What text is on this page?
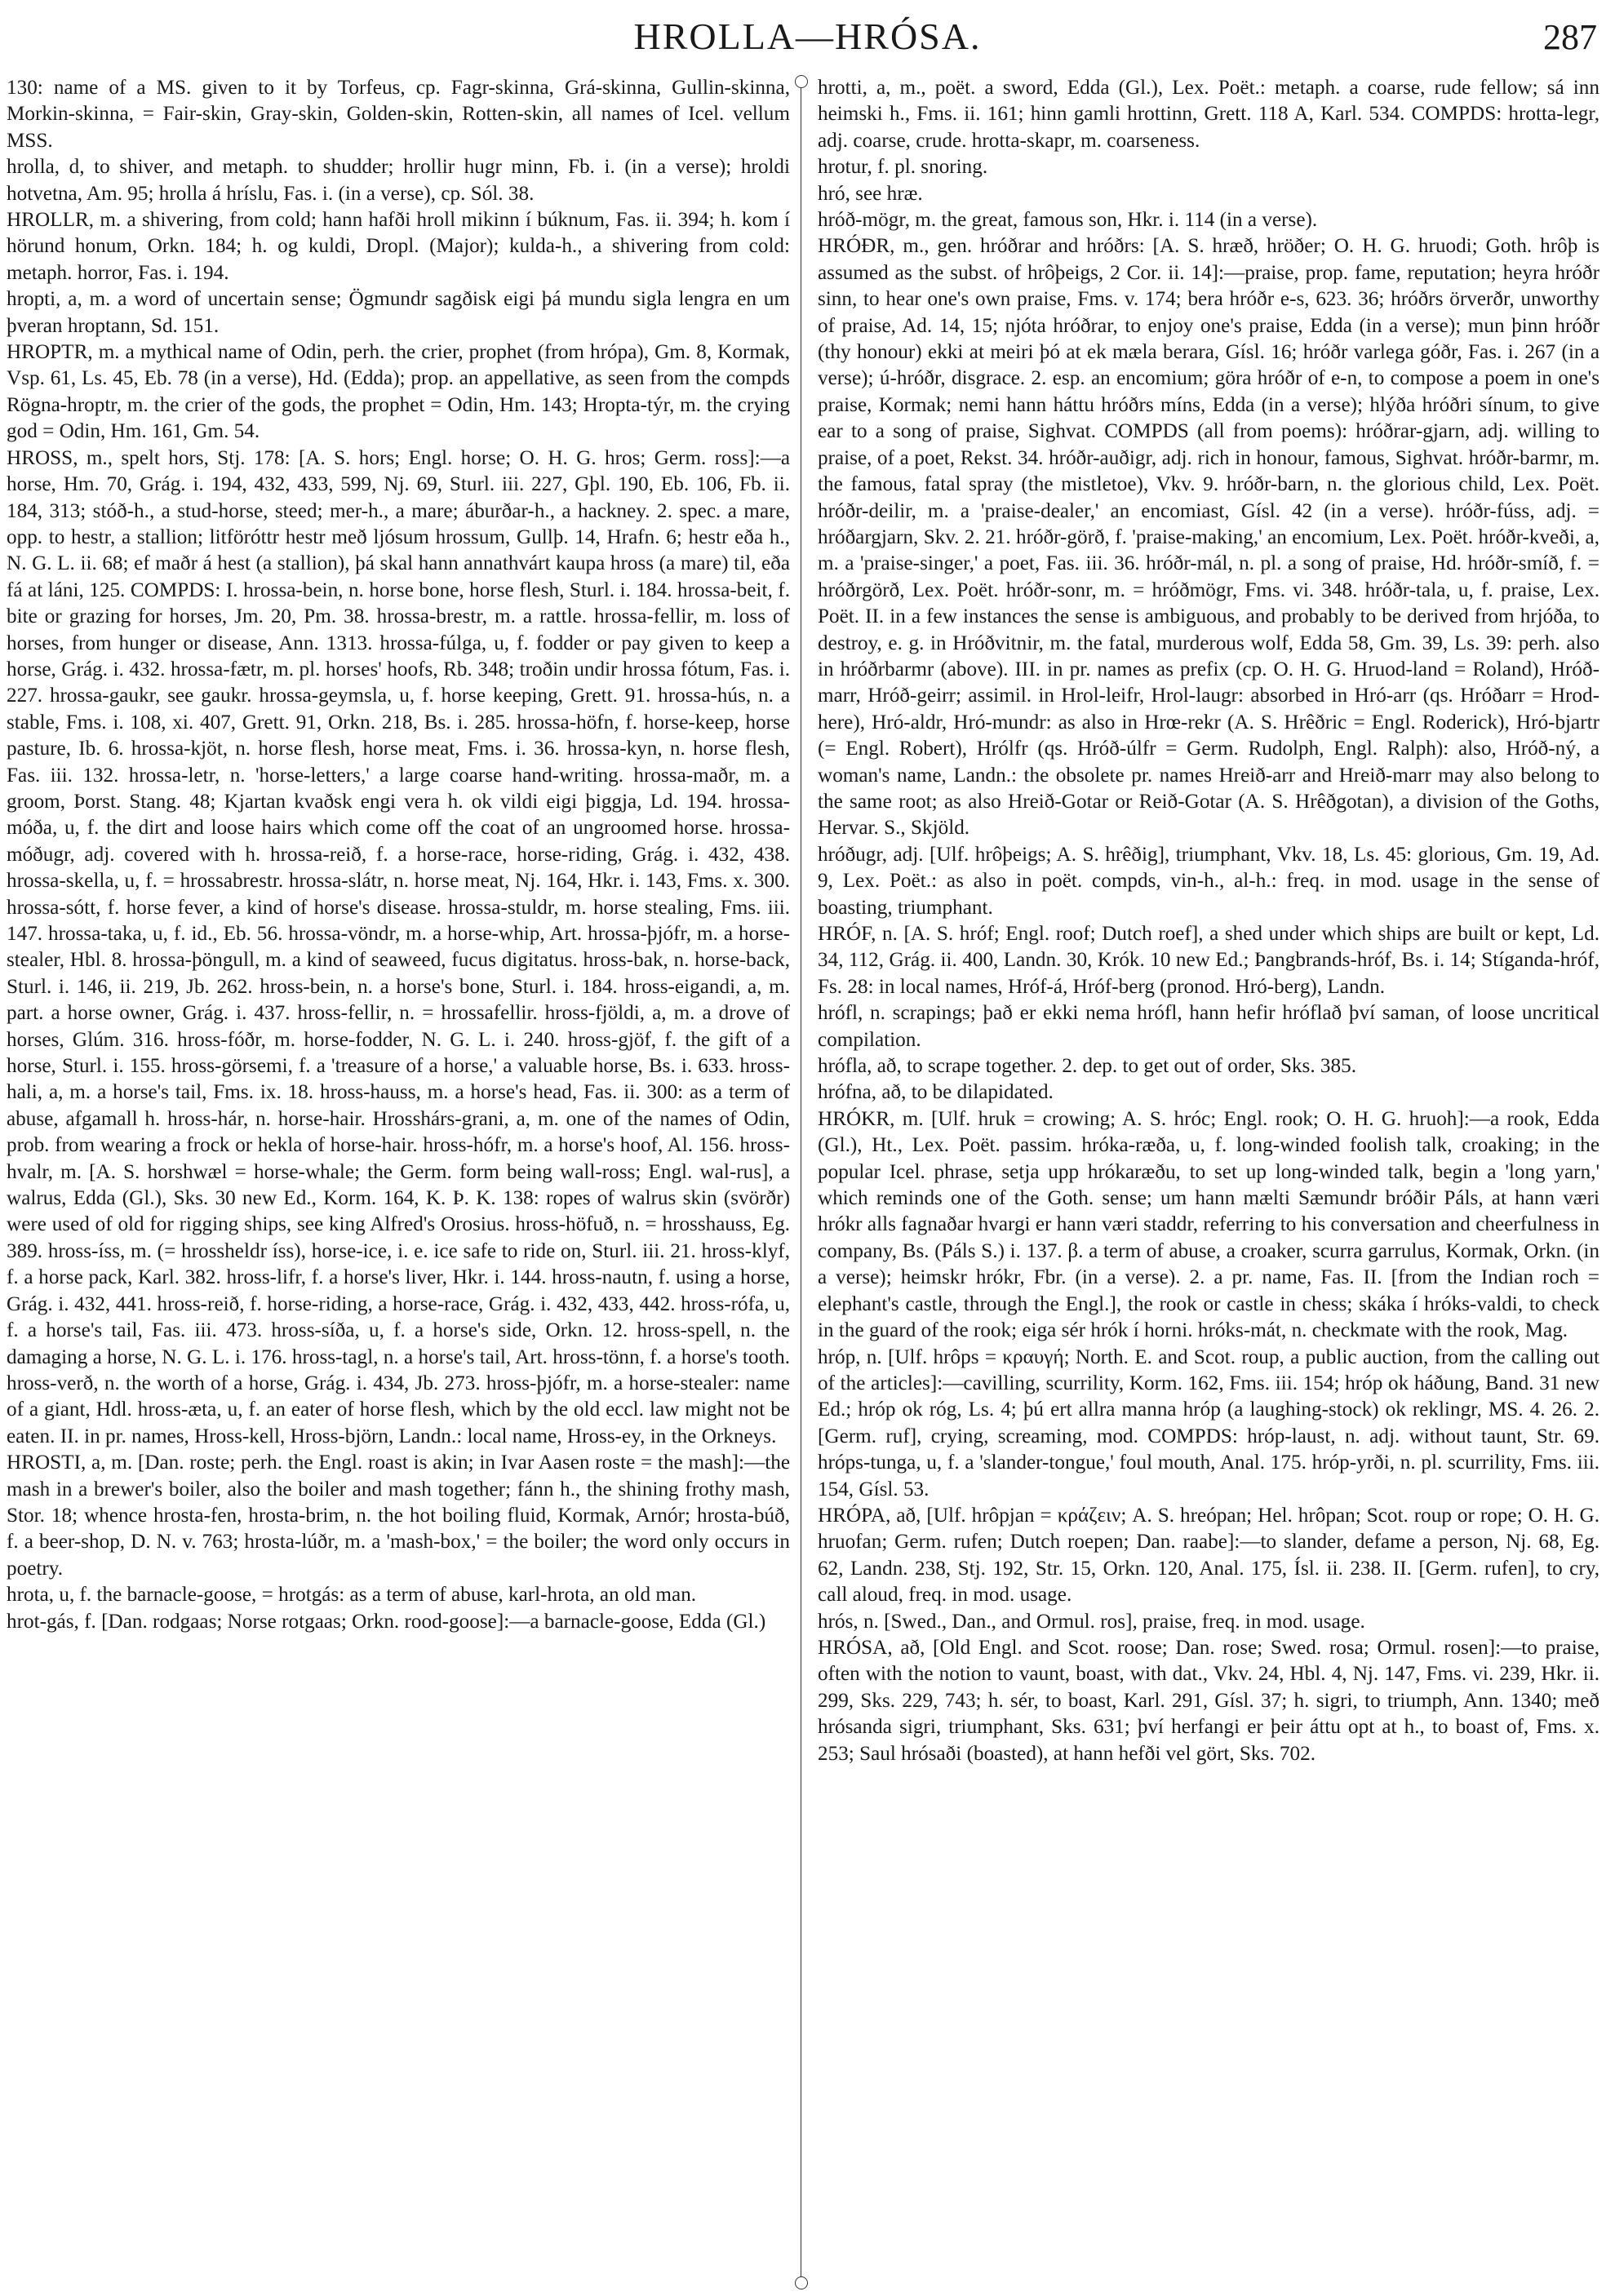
HROLLA—HRÓSA.	287

130: name of a MS. given to it by Torfeus, cp. Fagr-skinna, Grá-skinna, Gullin-skinna, Morkin-skinna, = Fair-skin, Gray-skin, Golden-skin, Rotten-skin, all names of Icel. vellum MSS.

hrolla, d, to shiver, and metaph. to shudder; hrollir hugr minn, Fb. i. (in a verse); hroldi hotvetna, Am. 95; hrolla á hríslu, Fas. i. (in a verse), cp. Sól. 38.

HROLLR, m. a shivering, from cold; hann hafði hroll mikinn í búknum, Fas. ii. 394; h. kom í hörund honum, Orkn. 184; h. og kuldi, Dropl. (Major); kulda-h., a shivering from cold: metaph. horror, Fas. i. 194.

hropti, a, m. a word of uncertain sense; Ögmundr sagðisk eigi þá mundu sigla lengra en um þveran hroptann, Sd. 151.

HROPTR, m. a mythical name of Odin, perh. the crier, prophet (from hrópa), Gm. 8, Kormak, Vsp. 61, Ls. 45, Eb. 78 (in a verse), Hd. (Edda); prop. an appellative, as seen from the compds Rögna-hroptr, m. the crier of the gods, the prophet = Odin, Hm. 143; Hropta-týr, m. the crying god = Odin, Hm. 161, Gm. 54.

HROSS, m., spelt hors, Stj. 178: [A. S. hors; Engl. horse; O. H. G. hros; Germ. ross]:—a horse, Hm. 70, Grág. i. 194, 432, 433, 599, Nj. 69, Sturl. iii. 227, Gþl. 190, Eb. 106, Fb. ii. 184, 313; stóð-h., a stud-horse, steed; mer-h., a mare; áburðar-h., a hackney. 2. spec. a mare, opp. to hestr, a stallion; litföróttr hestr með ljósum hrossum, Gullþ. 14, Hrafn. 6; hestr eða h., N. G. L. ii. 68; ef maðr á hest (a stallion), þá skal hann annathvárt kaupa hross (a mare) til, eða fá at láni, 125. COMPDS: I. hrossa-bein, n. horse bone, horse flesh, Sturl. i. 184. hrossa-beit, f. bite or grazing for horses, Jm. 20, Pm. 38. hrossa-brestr, m. a rattle. hrossa-fellir, m. loss of horses, from hunger or disease, Ann. 1313. hrossa-fúlga, u, f. fodder or pay given to keep a horse, Grág. i. 432. hrossa-fætr, m. pl. horses' hoofs, Rb. 348; troðin undir hrossa fótum, Fas. i. 227. hrossa-gaukr, see gaukr. hrossa-geymsla, u, f. horse keeping, Grett. 91. hrossa-hús, n. a stable, Fms. i. 108, xi. 407, Grett. 91, Orkn. 218, Bs. i. 285. hrossa-höfn, f. horse-keep, horse pasture, Ib. 6. hrossa-kjöt, n. horse flesh, horse meat, Fms. i. 36. hrossa-kyn, n. horse flesh, Fas. iii. 132. hrossa-letr, n. 'horse-letters,' a large coarse hand-writing. hrossa-maðr, m. a groom, Þorst. Stang. 48; Kjartan kvaðsk engi vera h. ok vildi eigi þiggja, Ld. 194. hrossa-móða, u, f. the dirt and loose hairs which come off the coat of an ungroomed horse. hrossa-móðugr, adj. covered with h. hrossa-reið, f. a horse-race, horse-riding, Grág. i. 432, 438. hrossa-skella, u, f. = hrossabrestr. hrossa-slátr, n. horse meat, Nj. 164, Hkr. i. 143, Fms. x. 300. hrossa-sótt, f. horse fever, a kind of horse's disease. hrossa-stuldr, m. horse stealing, Fms. iii. 147. hrossa-taka, u, f. id., Eb. 56. hrossa-vöndr, m. a horse-whip, Art. hrossa-þjófr, m. a horse-stealer, Hbl. 8. hrossa-þöngull, m. a kind of seaweed, fucus digitatus. hross-bak, n. horse-back, Sturl. i. 146, ii. 219, Jb. 262. hross-bein, n. a horse's bone, Sturl. i. 184. hross-eigandi, a, m. part. a horse owner, Grág. i. 437. hross-fellir, n. = hrossafellir. hross-fjöldi, a, m. a drove of horses, Glúm. 316. hross-fóðr, m. horse-fodder, N. G. L. i. 240. hross-gjöf, f. the gift of a horse, Sturl. i. 155. hross-görsemi, f. a 'treasure of a horse,' a valuable horse, Bs. i. 633. hross-hali, a, m. a horse's tail, Fms. ix. 18. hross-hauss, m. a horse's head, Fas. ii. 300: as a term of abuse, afgamall h. hross-hár, n. horse-hair. Hrosshárs-grani, a, m. one of the names of Odin, prob. from wearing a frock or hekla of horse-hair. hross-hófr, m. a horse's hoof, Al. 156. hross-hvalr, m. [A. S. horshwæl = horse-whale; the Germ. form being wall-ross; Engl. wal-rus], a walrus, Edda (Gl.), Sks. 30 new Ed., Korm. 164, K. Þ. K. 138: ropes of walrus skin (svörðr) were used of old for rigging ships, see king Alfred's Orosius. hross-höfuð, n. = hrosshauss, Eg. 389. hross-íss, m. (= hrossheldr íss), horse-ice, i. e. ice safe to ride on, Sturl. iii. 21. hross-klyf, f. a horse pack, Karl. 382. hross-lifr, f. a horse's liver, Hkr. i. 144. hross-nautn, f. using a horse, Grág. i. 432, 441. hross-reið, f. horse-riding, a horse-race, Grág. i. 432, 433, 442. hross-rófa, u, f. a horse's tail, Fas. iii. 473. hross-síða, u, f. a horse's side, Orkn. 12. hross-spell, n. the damaging a horse, N. G. L. i. 176. hross-tagl, n. a horse's tail, Art. hross-tönn, f. a horse's tooth. hross-verð, n. the worth of a horse, Grág. i. 434, Jb. 273. hross-þjófr, m. a horse-stealer: name of a giant, Hdl. hross-æta, u, f. an eater of horse flesh, which by the old eccl. law might not be eaten. II. in pr. names, Hross-kell, Hross-björn, Landn.: local name, Hross-ey, in the Orkneys.

HROSTI, a, m. [Dan. roste; perh. the Engl. roast is akin; in Ivar Aasen roste = the mash]:—the mash in a brewer's boiler, also the boiler and mash together; fánn h., the shining frothy mash, Stor. 18; whence hrosta-fen, hrosta-brim, n. the hot boiling fluid, Kormak, Arnór; hrosta-búð, f. a beer-shop, D. N. v. 763; hrosta-lúðr, m. a 'mash-box,' = the boiler; the word only occurs in poetry.

hrota, u, f. the barnacle-goose, = hrotgás: as a term of abuse, karl-hrota, an old man.

hrot-gás, f. [Dan. rodgaas; Norse rotgaas; Orkn. rood-goose]:—a barnacle-goose, Edda (Gl.)

hrotti, a, m., poët. a sword, Edda (Gl.), Lex. Poët.: metaph. a coarse, rude fellow; sá inn heimski h., Fms. ii. 161; hinn gamli hrottinn, Grett. 118 A, Karl. 534. COMPDS: hrotta-legr, adj. coarse, crude. hrotta-skapr, m. coarseness.

hrotur, f. pl. snoring.

hró, see hræ.

hróð-mögr, m. the great, famous son, Hkr. i. 114 (in a verse).

HRÓÐR, m., gen. hróðrar and hróðrs: [A. S. hræð, hröðer; O. H. G. hruodi; Goth. hrôþ is assumed as the subst. of hrôþeigs, 2 Cor. ii. 14]:—praise, prop. fame, reputation; heyra hróðr sinn, to hear one's own praise, Fms. v. 174; bera hróðr e-s, 623. 36; hróðrs örverðr, unworthy of praise, Ad. 14, 15; njóta hróðrar, to enjoy one's praise, Edda (in a verse); mun þinn hróðr (thy honour) ekki at meiri þó at ek mæla berara, Gísl. 16; hróðr varlega góðr, Fas. i. 267 (in a verse); ú-hróðr, disgrace. 2. esp. an encomium; göra hróðr of e-n, to compose a poem in one's praise, Kormak; nemi hann háttu hróðrs míns, Edda (in a verse); hlýða hróðri sínum, to give ear to a song of praise, Sighvat. COMPDS (all from poems): hróðrar-gjarn, adj. willing to praise, of a poet, Rekst. 34. hróðr-auðigr, adj. rich in honour, famous, Sighvat. hróðr-barmr, m. the famous, fatal spray (the mistletoe), Vkv. 9. hróðr-barn, n. the glorious child, Lex. Poët. hróðr-deilir, m. a 'praise-dealer,' an encomiast, Gísl. 42 (in a verse). hróðr-fúss, adj. = hróðargjarn, Skv. 2. 21. hróðr-görð, f. 'praise-making,' an encomium, Lex. Poët. hróðr-kveði, a, m. a 'praise-singer,' a poet, Fas. iii. 36. hróðr-mál, n. pl. a song of praise, Hd. hróðr-smíð, f. = hróðrgörð, Lex. Poët. hróðr-sonr, m. = hróðmögr, Fms. vi. 348. hróðr-tala, u, f. praise, Lex. Poët. II. in a few instances the sense is ambiguous, and probably to be derived from hrjóða, to destroy, e. g. in Hróðvitnir, m. the fatal, murderous wolf, Edda 58, Gm. 39, Ls. 39: perh. also in hróðrbarmr (above). III. in pr. names as prefix (cp. O. H. G. Hruod-land = Roland), Hróð-marr, Hróð-geirr; assimil. in Hrol-leifr, Hrol-laugr: absorbed in Hró-arr (qs. Hróðarr = Hrod-here), Hró-aldr, Hró-mundr: as also in Hrœ-rekr (A. S. Hrêðric = Engl. Roderick), Hró-bjartr (= Engl. Robert), Hrólfr (qs. Hróð-úlfr = Germ. Rudolph, Engl. Ralph): also, Hróð-ný, a woman's name, Landn.: the obsolete pr. names Hreið-arr and Hreið-marr may also belong to the same root; as also Hreið-Gotar or Reið-Gotar (A. S. Hrêðgotan), a division of the Goths, Hervar. S., Skjöld.

hróðugr, adj. [Ulf. hrôþeigs; A. S. hrêðig], triumphant, Vkv. 18, Ls. 45: glorious, Gm. 19, Ad. 9, Lex. Poët.: as also in poët. compds, vin-h., al-h.: freq. in mod. usage in the sense of boasting, triumphant.

HRÓF, n. [A. S. hróf; Engl. roof; Dutch roef], a shed under which ships are built or kept, Ld. 34, 112, Grág. ii. 400, Landn. 30, Krók. 10 new Ed.; Þangbrands-hróf, Bs. i. 14; Stíganda-hróf, Fs. 28: in local names, Hróf-á, Hróf-berg (pronod. Hró-berg), Landn.

hrófl, n. scrapings; það er ekki nema hrófl, hann hefir hróflað því saman, of loose uncritical compilation.

hrófla, að, to scrape together. 2. dep. to get out of order, Sks. 385.

hrófna, að, to be dilapidated.

HRÓKR, m. [Ulf. hruk = crowing; A. S. hróc; Engl. rook; O. H. G. hruoh]:—a rook, Edda (Gl.), Ht., Lex. Poët. passim. hróka-ræða, u, f. long-winded foolish talk, croaking; in the popular Icel. phrase, setja upp hrókaræðu, to set up long-winded talk, begin a 'long yarn,' which reminds one of the Goth. sense; um hann mælti Sæmundr bróðir Páls, at hann væri hrókr alls fagnaðar hvargi er hann væri staddr, referring to his conversation and cheerfulness in company, Bs. (Páls S.) i. 137. β. a term of abuse, a croaker, scurra garrulus, Kormak, Orkn. (in a verse); heimskr hrókr, Fbr. (in a verse). 2. a pr. name, Fas. II. [from the Indian roch = elephant's castle, through the Engl.], the rook or castle in chess; skáka í hróks-valdi, to check in the guard of the rook; eiga sér hrók í horni. hróks-mát, n. checkmate with the rook, Mag.

hróp, n. [Ulf. hrôps = κραυγή; North. E. and Scot. roup, a public auction, from the calling out of the articles]:—cavilling, scurrility, Korm. 162, Fms. iii. 154; hróp ok háðung, Band. 31 new Ed.; hróp ok róg, Ls. 4; þú ert allra manna hróp (a laughing-stock) ok reklingr, MS. 4. 26. 2. [Germ. ruf], crying, screaming, mod. COMPDS: hróp-laust, n. adj. without taunt, Str. 69. hróps-tunga, u, f. a 'slander-tongue,' foul mouth, Anal. 175. hróp-yrði, n. pl. scurrility, Fms. iii. 154, Gísl. 53.

HRÓPA, að, [Ulf. hrôpjan = κράζειν; A. S. hreópan; Hel. hrôpan; Scot. roup or rope; O. H. G. hruofan; Germ. rufen; Dutch roepen; Dan. raabe]:—to slander, defame a person, Nj. 68, Eg. 62, Landn. 238, Stj. 192, Str. 15, Orkn. 120, Anal. 175, Ísl. ii. 238. II. [Germ. rufen], to cry, call aloud, freq. in mod. usage.

hrós, n. [Swed., Dan., and Ormul. ros], praise, freq. in mod. usage.

HRÓSA, að, [Old Engl. and Scot. roose; Dan. rose; Swed. rosa; Ormul. rosen]:—to praise, often with the notion to vaunt, boast, with dat., Vkv. 24, Hbl. 4, Nj. 147, Fms. vi. 239, Hkr. ii. 299, Sks. 229, 743; h. sér, to boast, Karl. 291, Gísl. 37; h. sigri, to triumph, Ann. 1340; með hrósanda sigri, triumphant, Sks. 631; því herfangi er þeir áttu opt at h., to boast of, Fms. x. 253; Saul hrósaði (boasted), at hann hefði vel gört, Sks. 702.
